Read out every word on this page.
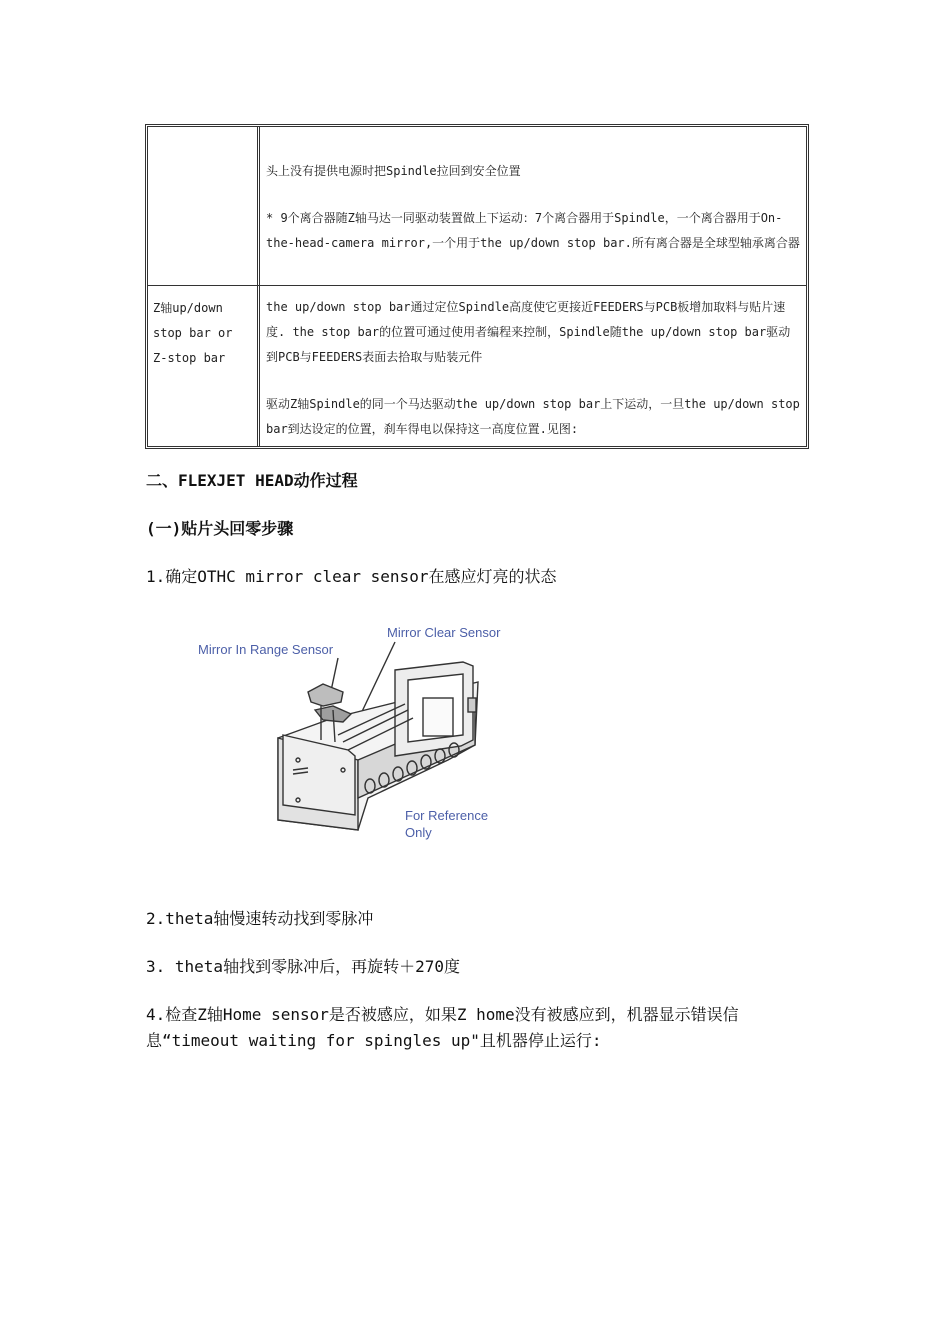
头上没有提供电源时把Spindle拉回到安全位置

* 9个离合器随Z轴马达一同驱动装置做上下运动：7个离合器用于Spindle，一个离合器用于On-the-head-camera mirror,一个用于the up/down stop bar.所有离合器是全球型轴承离合器

Z轴up/down stop bar or Z-stop bar

the up/down stop bar通过定位Spindle高度使它更接近FEEDERS与PCB板增加取料与贴片速度. the stop bar的位置可通过使用者编程来控制，Spindle随the up/down stop bar驱动到PCB与FEEDERS表面去拾取与贴装元件

驱动Z轴Spindle的同一个马达驱动the up/down stop bar上下运动，一旦the up/down stop bar到达设定的位置，刹车得电以保持这一高度位置.见图:

二、FLEXJET HEAD动作过程
(一)贴片头回零步骤
1.确定OTHC mirror clear sensor在感应灯亮的状态
Mirror In Range Sensor
Mirror Clear Sensor
For Reference
Only
2.theta轴慢速转动找到零脉冲
3. theta轴找到零脉冲后，再旋转＋270度
4.检查Z轴Home sensor是否被感应，如果Z home没有被感应到，机器显示错误信息“timeout waiting for spingles up"且机器停止运行:
